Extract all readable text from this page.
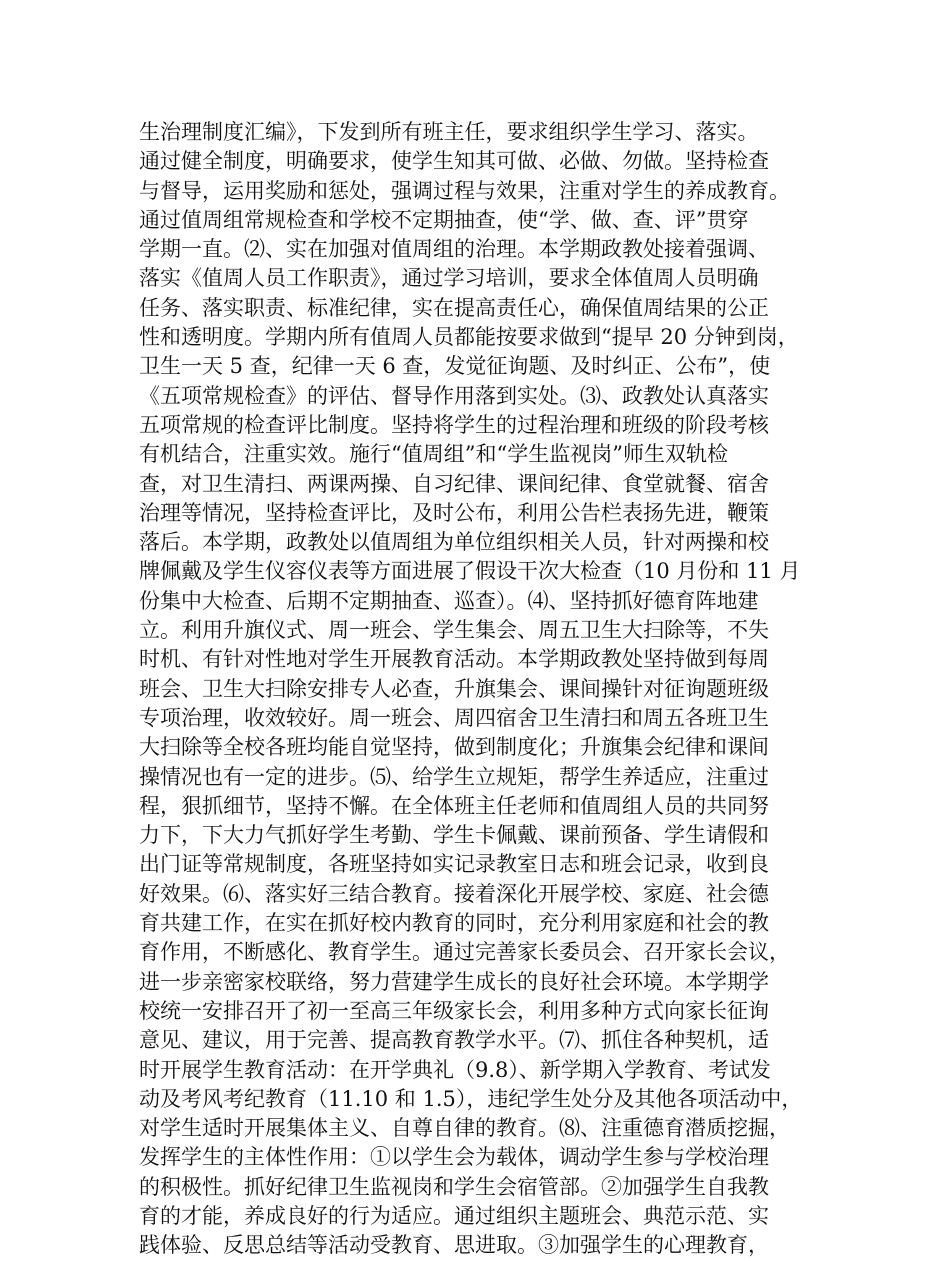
生治理制度汇编》，下发到所有班主任，要求组织学生学习、落实。
通过健全制度，明确要求，使学生知其可做、必做、勿做。坚持检查
与督导，运用奖励和惩处，强调过程与效果，注重对学生的养成教育。
通过值周组常规检查和学校不定期抽查，使“学、做、查、评”贯穿
学期一直。⑵、实在加强对值周组的治理。本学期政教处接着强调、
落实《值周人员工作职责》，通过学习培训，要求全体值周人员明确
任务、落实职责、标准纪律，实在提高责任心，确保值周结果的公正
性和透明度。学期内所有值周人员都能按要求做到“提早 20 分钟到岗，
卫生一天 5 查，纪律一天 6 查，发觉征询题、及时纠正、公布”，使
《五项常规检查》的评估、督导作用落到实处。⑶、政教处认真落实
五项常规的检查评比制度。坚持将学生的过程治理和班级的阶段考核
有机结合，注重实效。施行“值周组”和“学生监视岗”师生双轨检
查，对卫生清扫、两课两操、自习纪律、课间纪律、食堂就餐、宿舍
治理等情况，坚持检查评比，及时公布，利用公告栏表扬先进，鞭策
落后。本学期，政教处以值周组为单位组织相关人员，针对两操和校
牌佩戴及学生仪容仪表等方面进展了假设干次大检查（10 月份和 11 月
份集中大检查、后期不定期抽查、巡查）。⑷、坚持抓好德育阵地建
立。利用升旗仪式、周一班会、学生集会、周五卫生大扫除等，不失
时机、有针对性地对学生开展教育活动。本学期政教处坚持做到每周
班会、卫生大扫除安排专人必查，升旗集会、课间操针对征询题班级
专项治理，收效较好。周一班会、周四宿舍卫生清扫和周五各班卫生
大扫除等全校各班均能自觉坚持，做到制度化；升旗集会纪律和课间
操情况也有一定的进步。⑸、给学生立规矩，帮学生养适应，注重过
程，狠抓细节，坚持不懈。在全体班主任老师和值周组人员的共同努
力下，下大力气抓好学生考勤、学生卡佩戴、课前预备、学生请假和
出门证等常规制度，各班坚持如实记录教室日志和班会记录，收到良
好效果。⑹、落实好三结合教育。接着深化开展学校、家庭、社会德
育共建工作，在实在抓好校内教育的同时，充分利用家庭和社会的教
育作用，不断感化、教育学生。通过完善家长委员会、召开家长会议，
进一步亲密家校联络，努力营建学生成长的良好社会环境。本学期学
校统一安排召开了初一至高三年级家长会，利用多种方式向家长征询
意见、建议，用于完善、提高教育教学水平。⑺、抓住各种契机，适
时开展学生教育活动：在开学典礼（9.8）、新学期入学教育、考试发
动及考风考纪教育（11.10 和 1.5），违纪学生处分及其他各项活动中，
对学生适时开展集体主义、自尊自律的教育。⑻、注重德育潜质挖掘，
发挥学生的主体性作用：①以学生会为载体，调动学生参与学校治理
的积极性。抓好纪律卫生监视岗和学生会宿管部。②加强学生自我教
育的才能，养成良好的行为适应。通过组织主题班会、典范示范、实
践体验、反思总结等活动受教育、思进取。③加强学生的心理教育，
